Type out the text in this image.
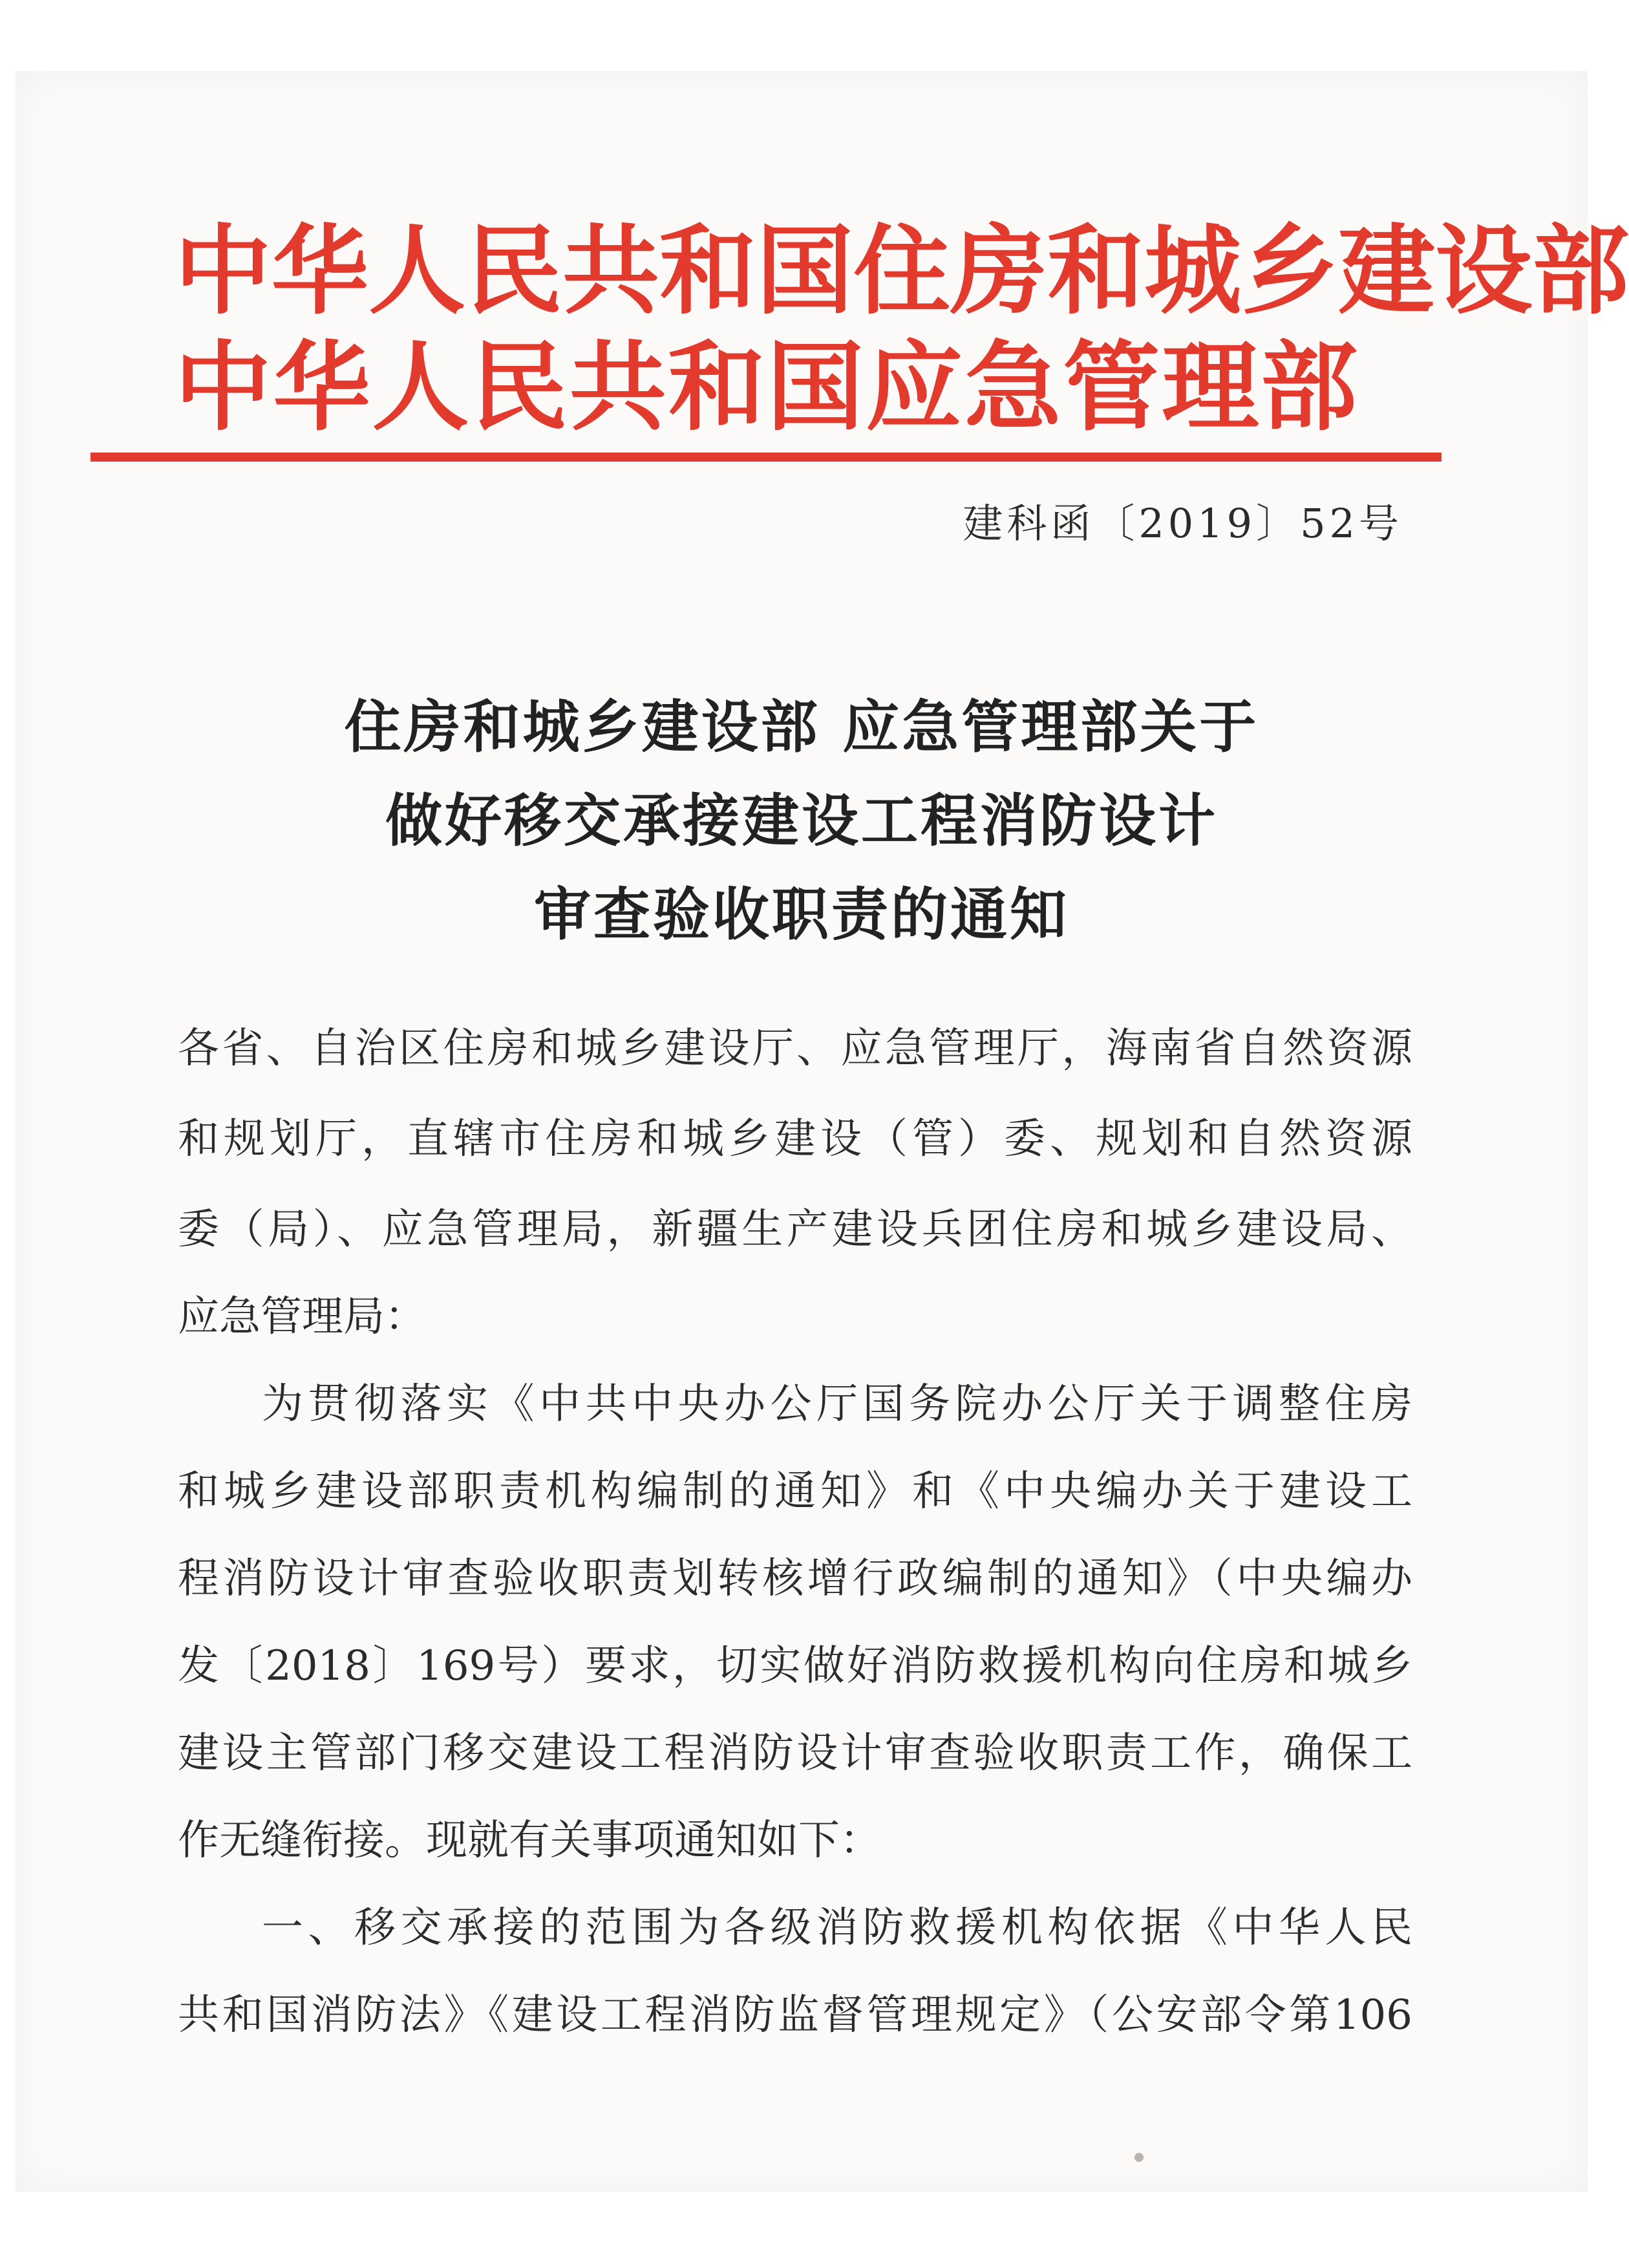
中 华 人 民 共 和 国 住 房 和 城 乡 建 设 部
中 华 人 民 共 和 国 应 急 管 理 部
建科函〔2019〕52号
住房和城乡建设部 应急管理部关于
做好移交承接建设工程消防设计
审查验收职责的通知
各省、自治区住房和城乡建设厅、应急管理厅，海南省自然资源
和规划厅，直辖市住房和城乡建设（管）委、规划和自然资源
委（局）、应急管理局，新疆生产建设兵团住房和城乡建设局、
应急管理局：
为贯彻落实《中共中央办公厅国务院办公厅关于调整住房
和城乡建设部职责机构编制的通知》和《中央编办关于建设工
程消防设计审查验收职责划转核增行政编制的通知》（中央编办
发〔2018〕169号）要求，切实做好消防救援机构向住房和城乡
建设主管部门移交建设工程消防设计审查验收职责工作，确保工
作无缝衔接。现就有关事项通知如下：
一、移交承接的范围为各级消防救援机构依据《中华人民
共和国消防法》《建设工程消防监督管理规定》（公安部令第106
